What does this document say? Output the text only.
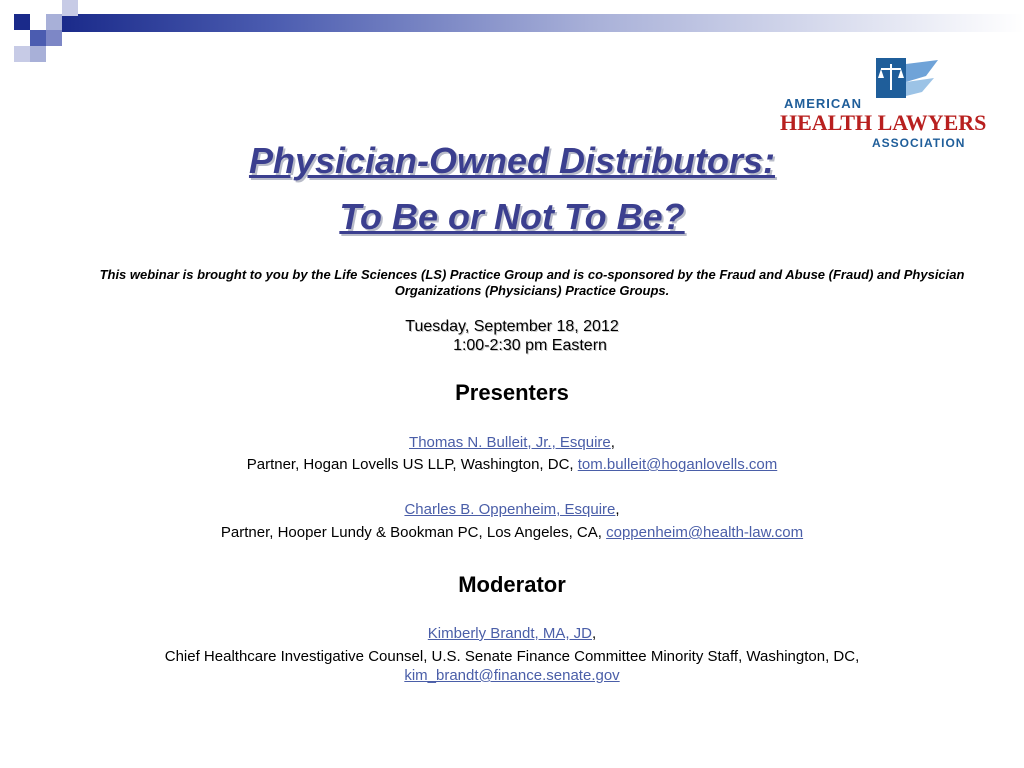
AMERICAN
HEALTH LAWYERS
ASSOCIATION
Physician-Owned Distributors:
To Be or Not To Be?
This webinar is brought to you by the Life Sciences (LS) Practice Group and is co-sponsored by the Fraud and Abuse (Fraud) and Physician Organizations (Physicians) Practice Groups.
Tuesday, September 18, 2012
1:00-2:30 pm Eastern
Presenters
Thomas N. Bulleit, Jr., Esquire,
Partner, Hogan Lovells US LLP, Washington, DC, tom.bulleit@hoganlovells.com
Charles B. Oppenheim, Esquire,
Partner, Hooper Lundy & Bookman PC, Los Angeles, CA, coppenheim@health-law.com
Moderator
Kimberly Brandt, MA, JD,
Chief Healthcare Investigative Counsel, U.S. Senate Finance Committee Minority Staff, Washington, DC,
kim_brandt@finance.senate.gov
